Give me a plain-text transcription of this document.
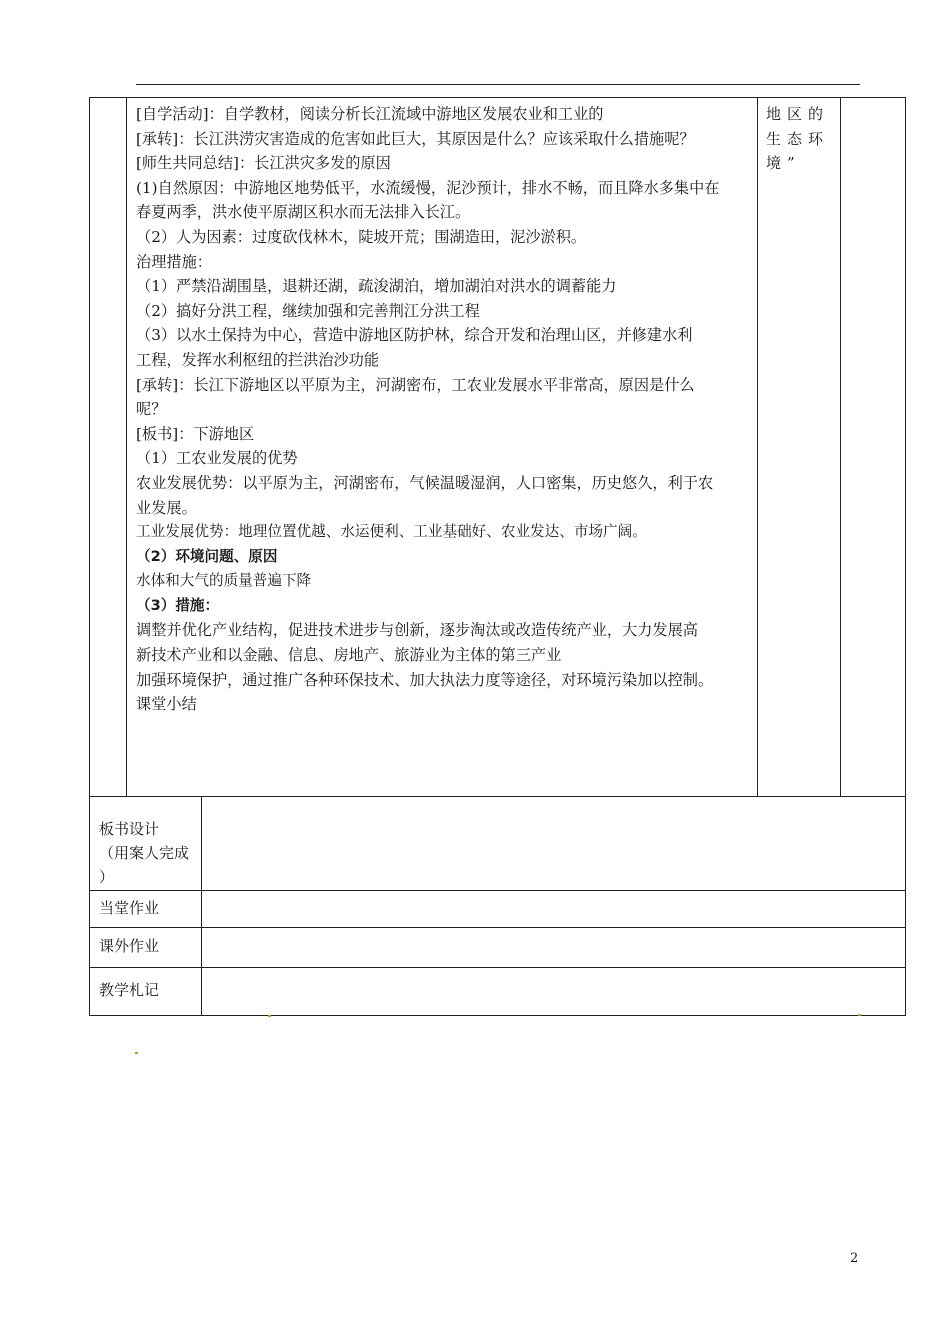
[自学活动]：自学教材，阅读分析长江流域中游地区发展农业和工业的
[承转]：长江洪涝灾害造成的危害如此巨大，其原因是什么？应该采取什么措施呢？
[师生共同总结]：长江洪灾多发的原因
(1)自然原因：中游地区地势低平，水流缓慢，泥沙预计，排水不畅，而且降水多集中在
春夏两季，洪水使平原湖区积水而无法排入长江。
（2）人为因素：过度砍伐林木，陡坡开荒；围湖造田，泥沙淤积。
治理措施：
（1）严禁沿湖围垦，退耕还湖，疏浚湖泊，增加湖泊对洪水的调蓄能力
（2）搞好分洪工程，继续加强和完善荆江分洪工程
（3）以水土保持为中心，营造中游地区防护林，综合开发和治理山区，并修建水利
工程，发挥水利枢纽的拦洪治沙功能
[承转]：长江下游地区以平原为主，河湖密布，工农业发展水平非常高，原因是什么
呢？
[板书]：下游地区
（1）工农业发展的优势
农业发展优势：以平原为主，河湖密布，气候温暖湿润，人口密集，历史悠久，利于农
业发展。
工业发展优势：地理位置优越、水运便利、工业基础好、农业发达、市场广阔。
（2）环境问题、原因
水体和大气的质量普遍下降
（3）措施：
调整并优化产业结构，促进技术进步与创新，逐步淘汰或改造传统产业，大力发展高
新技术产业和以金融、信息、房地产、旅游业为主体的第三产业
加强环境保护，通过推广各种环保技术、加大执法力度等途径，对环境污染加以控制。
课堂小结
地区的
生态环
境”
板书设计
（用案人完成
）
当堂作业
课外作业
教学札记
2
